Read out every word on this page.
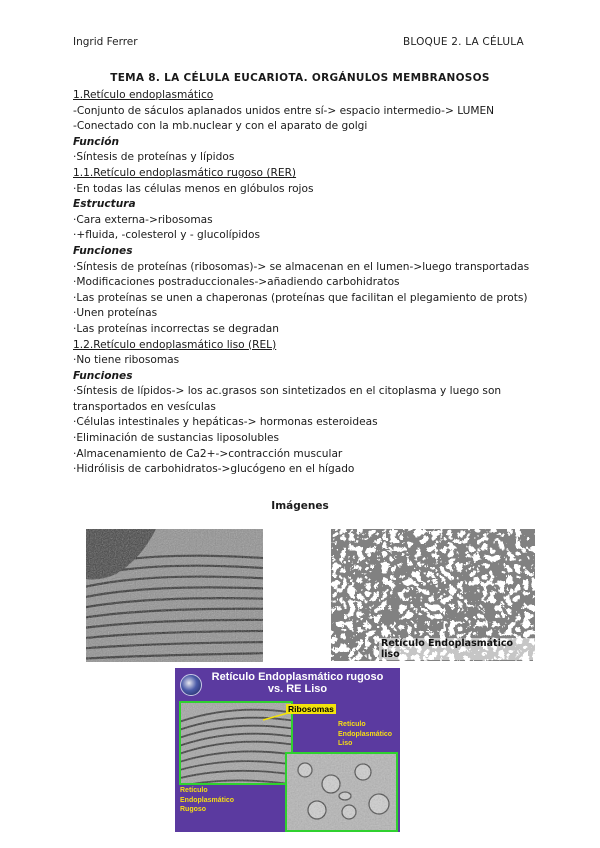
Ingrid Ferrer	BLOQUE 2. LA CÉLULA
TEMA 8. LA CÉLULA EUCARIOTA. ORGÁNULOS MEMBRANOSOS
1.Retículo endoplasmático
-Conjunto de sáculos aplanados unidos entre sí-> espacio intermedio-> LUMEN
-Conectado con la mb.nuclear y con el aparato de golgi
Función
·Síntesis de proteínas y lípidos
1.1.Retículo endoplasmático rugoso (RER)
·En todas las células menos en glóbulos rojos
Estructura
·Cara externa->ribosomas
·+fluida, -colesterol y - glucolípidos
Funciones
·Síntesis de proteínas (ribosomas)-> se almacenan en el lumen->luego transportadas
·Modificaciones postraduccionales->añadiendo carbohidratos
·Las proteínas se unen a chaperonas (proteínas que facilitan el plegamiento de prots)
·Unen proteínas
·Las proteínas incorrectas se degradan
1.2.Retículo endoplasmático liso (REL)
·No tiene ribosomas
Funciones
·Síntesis de lípidos-> los ac.grasos son sintetizados en el citoplasma y luego son transportados en vesículas
·Células intestinales y hepáticas-> hormonas esteroideas
·Eliminación de sustancias liposolubles
·Almacenamiento de Ca2+->contracción muscular
·Hidrólisis de carbohidratos->glucógeno en el hígado
Imágenes
Retículo Endoplasmático liso
Retículo Endoplasmático rugoso
vs. RE Liso
Ribosomas
Retículo Endoplasmático Liso
Retículo Endoplasmático Rugoso
